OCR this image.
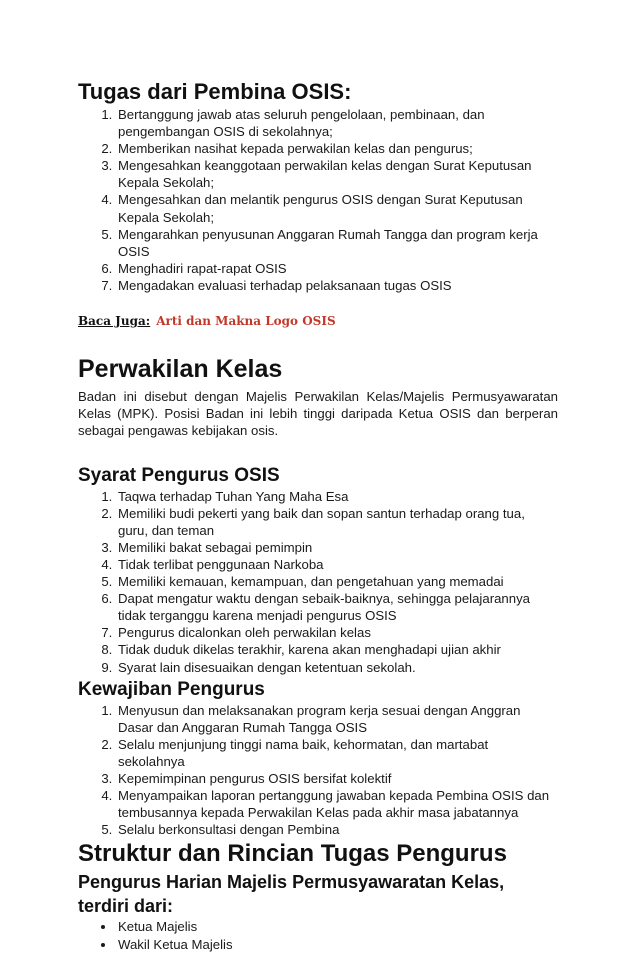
Tugas dari Pembina OSIS:
1. Bertanggung jawab atas seluruh pengelolaan, pembinaan, dan pengembangan OSIS di sekolahnya;
2. Memberikan nasihat kepada perwakilan kelas dan pengurus;
3. Mengesahkan keanggotaan perwakilan kelas dengan Surat Keputusan Kepala Sekolah;
4. Mengesahkan dan melantik pengurus OSIS dengan Surat Keputusan Kepala Sekolah;
5. Mengarahkan penyusunan Anggaran Rumah Tangga dan program kerja OSIS
6. Menghadiri rapat-rapat OSIS
7. Mengadakan evaluasi terhadap pelaksanaan tugas OSIS
Baca Juga: Arti dan Makna Logo OSIS
Perwakilan Kelas

Badan ini disebut dengan Majelis Perwakilan Kelas/Majelis Permusyawaratan Kelas (MPK). Posisi Badan ini lebih tinggi daripada Ketua OSIS dan berperan sebagai pengawas kebijakan osis.

Syarat Pengurus OSIS
1. Taqwa terhadap Tuhan Yang Maha Esa
2. Memiliki budi pekerti yang baik dan sopan santun terhadap orang tua, guru, dan teman
3. Memiliki bakat sebagai pemimpin
4. Tidak terlibat penggunaan Narkoba
5. Memiliki kemauan, kemampuan, dan pengetahuan yang memadai
6. Dapat mengatur waktu dengan sebaik-baiknya, sehingga pelajarannya tidak terganggu karena menjadi pengurus OSIS
7. Pengurus dicalonkan oleh perwakilan kelas
8. Tidak duduk dikelas terakhir, karena akan menghadapi ujian akhir
9. Syarat lain disesuaikan dengan ketentuan sekolah.
Kewajiban Pengurus
1. Menyusun dan melaksanakan program kerja sesuai dengan Anggran Dasar dan Anggaran Rumah Tangga OSIS
2. Selalu menjunjung tinggi nama baik, kehormatan, dan martabat sekolahnya
3. Kepemimpinan pengurus OSIS bersifat kolektif
4. Menyampaikan laporan pertanggung jawaban kepada Pembina OSIS dan tembusannya kepada Perwakilan Kelas pada akhir masa jabatannya
5. Selalu berkonsultasi dengan Pembina
Struktur dan Rincian Tugas Pengurus
Pengurus Harian Majelis Permusyawaratan Kelas, terdiri dari:
• Ketua Majelis
• Wakil Ketua Majelis
